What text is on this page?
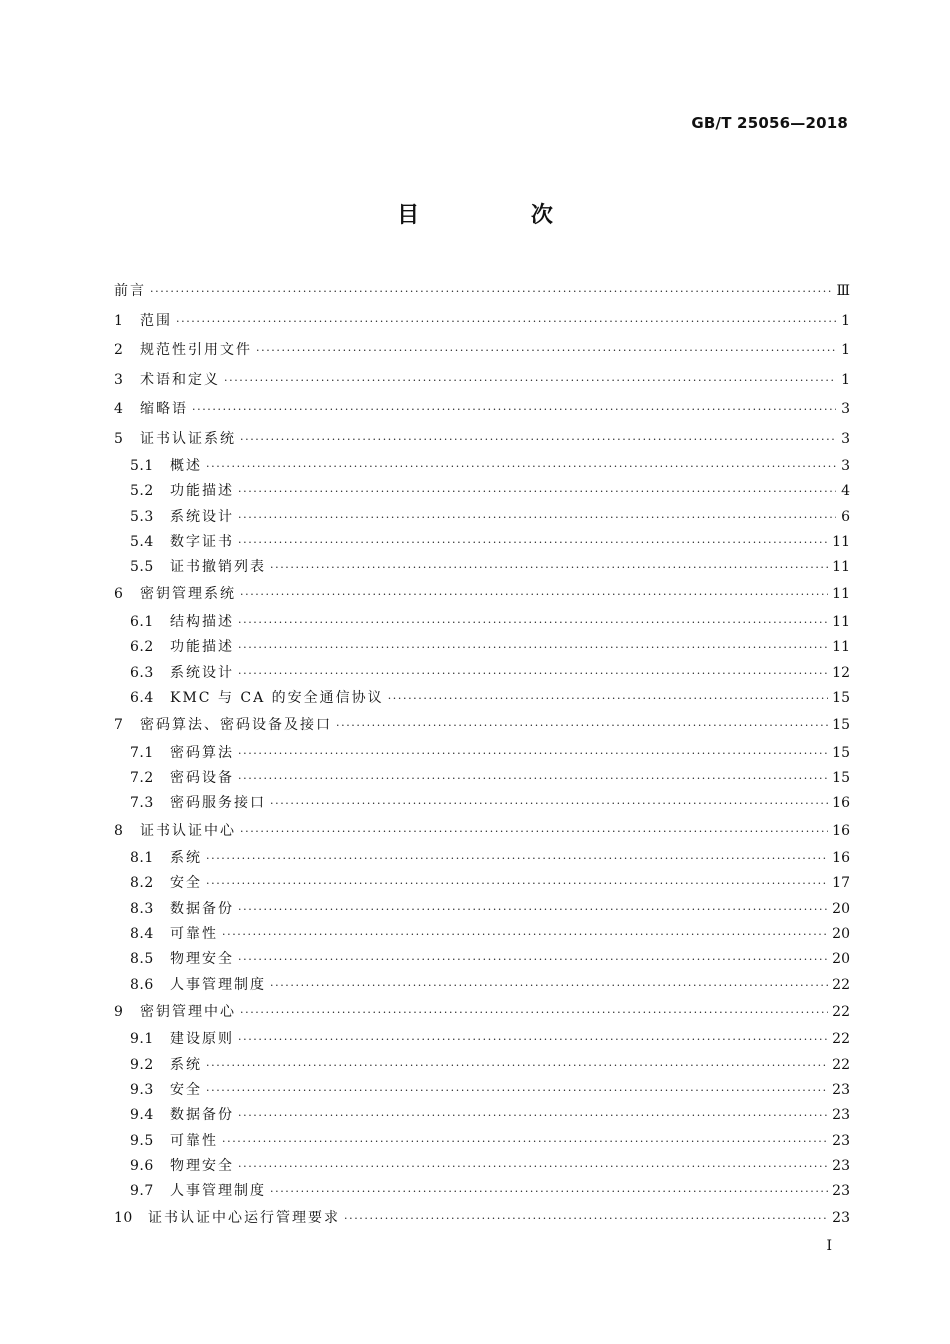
GB/T 25056—2018
目 次
前言 ·····	Ⅲ
1	范围 ·····	1
2	规范性引用文件 ·····	1
3	术语和定义 ·····	1
4	缩略语 ·····	3
5	证书认证系统 ·····	3
5.1	概述 ·····	3
5.2	功能描述 ·····	4
5.3	系统设计 ·····	6
5.4	数字证书 ·····	11
5.5	证书撤销列表 ·····	11
6	密钥管理系统 ·····	11
6.1	结构描述 ·····	11
6.2	功能描述 ·····	11
6.3	系统设计 ·····	12
6.4	KMC 与 CA 的安全通信协议 ·····	15
7	密码算法、密码设备及接口 ·····	15
7.1	密码算法 ·····	15
7.2	密码设备 ·····	15
7.3	密码服务接口 ·····	16
8	证书认证中心 ·····	16
8.1	系统 ·····	16
8.2	安全 ·····	17
8.3	数据备份 ·····	20
8.4	可靠性 ·····	20
8.5	物理安全 ·····	20
8.6	人事管理制度 ·····	22
9	密钥管理中心 ·····	22
9.1	建设原则 ·····	22
9.2	系统 ·····	22
9.3	安全 ·····	23
9.4	数据备份 ·····	23
9.5	可靠性 ·····	23
9.6	物理安全 ·····	23
9.7	人事管理制度 ·····	23
10	证书认证中心运行管理要求 ·····	23
I
